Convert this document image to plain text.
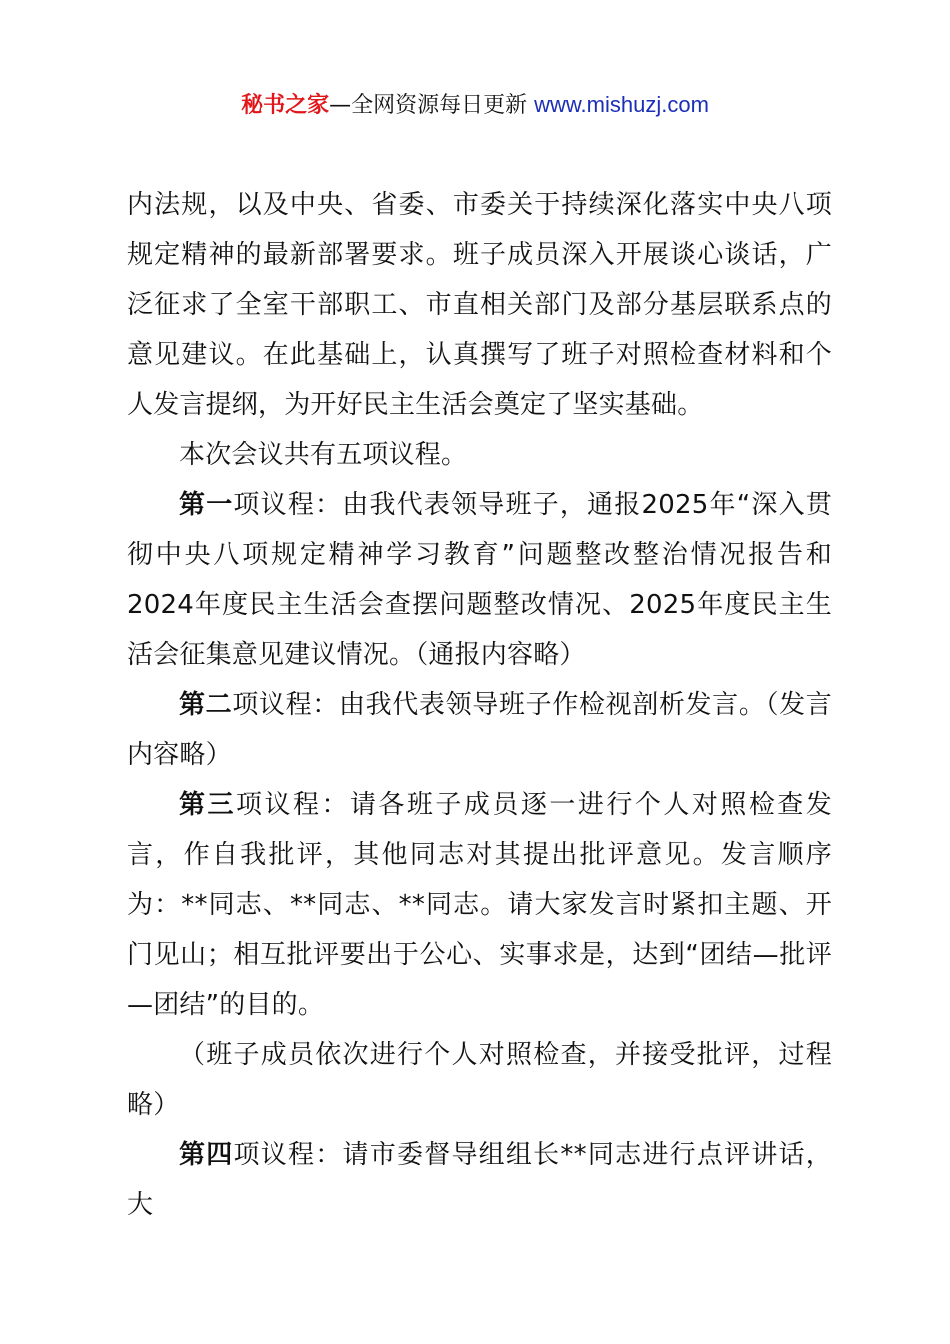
秘书之家—全网资源每日更新 www.mishuzj.com

内法规，以及中央、省委、市委关于持续深化落实中央八项规定精神的最新部署要求。班子成员深入开展谈心谈话，广泛征求了全室干部职工、市直相关部门及部分基层联系点的意见建议。在此基础上，认真撰写了班子对照检查材料和个人发言提纲，为开好民主生活会奠定了坚实基础。

本次会议共有五项议程。

第一项议程：由我代表领导班子，通报2025年“深入贯彻中央八项规定精神学习教育”问题整改整治情况报告和2024年度民主生活会查摆问题整改情况、2025年度民主生活会征集意见建议情况。（通报内容略）

第二项议程：由我代表领导班子作检视剖析发言。（发言内容略）

第三项议程：请各班子成员逐一进行个人对照检查发言，作自我批评，其他同志对其提出批评意见。发言顺序为：**同志、**同志、**同志。请大家发言时紧扣主题、开门见山；相互批评要出于公心、实事求是，达到“团结—批评—团结”的目的。

（班子成员依次进行个人对照检查，并接受批评，过程略）

第四项议程：请市委督导组组长**同志进行点评讲话，大
